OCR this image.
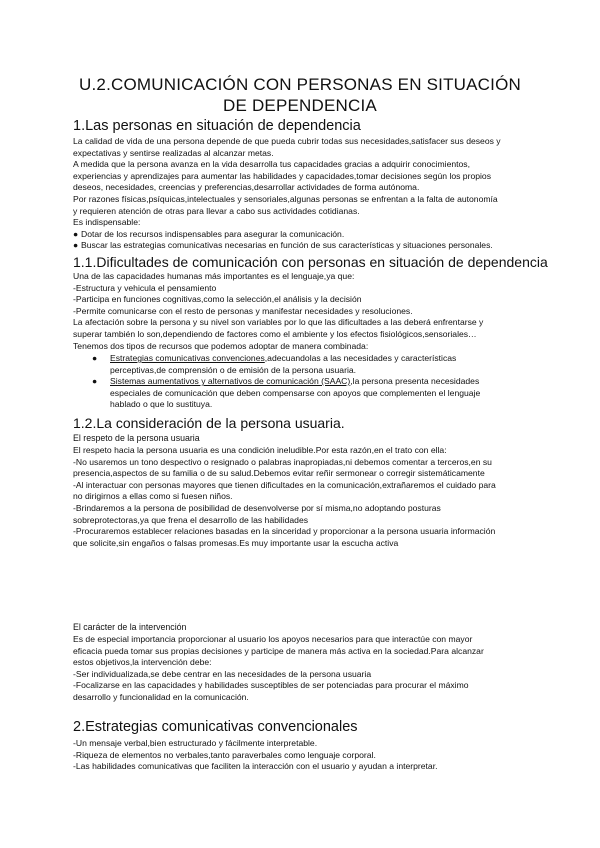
U.2.COMUNICACIÓN CON PERSONAS EN SITUACIÓN
DE DEPENDENCIA
1.Las personas en situación de dependencia

La calidad de vida de una persona depende de que pueda cubrir todas sus necesidades,satisfacer sus deseos y

expectativas y sentirse realizadas al alcanzar metas.

A medida que la persona avanza en la vida desarrolla tus capacidades gracias a adquirir conocimientos,

experiencias y aprendizajes para aumentar las habilidades y capacidades,tomar decisiones según los propios

deseos, necesidades, creencias y preferencias,desarrollar actividades de forma autónoma.

Por razones físicas,psíquicas,intelectuales y sensoriales,algunas personas se enfrentan a la falta de autonomía

y requieren atención de otras para llevar a cabo sus actividades cotidianas.

Es indispensable:

● Dotar de los recursos indispensables para asegurar la comunicación.
● Buscar las estrategias comunicativas necesarias en función de sus características y situaciones personales.
1.1.Dificultades de comunicación con personas en situación de dependencia

Una de las capacidades humanas más importantes es el lenguaje,ya que:

-Estructura y vehicula el pensamiento

-Participa en funciones cognitivas,como la selección,el análisis y la decisión

-Permite comunicarse con el resto de personas y manifestar necesidades y resoluciones.

La afectación sobre la persona y su nivel son variables por lo que las dificultades a las deberá enfrentarse y

superar también lo son,dependiendo de factores como el ambiente y los efectos fisiológicos,sensoriales…

Tenemos dos tipos de recursos que podemos adoptar de manera combinada:

● Estrategias comunicativas convenciones,adecuandolas a las necesidades y características
perceptivas,de comprensión o de emisión de la persona usuaria.
● Sistemas aumentativos y alternativos de comunicación (SAAC),la persona presenta necesidades
especiales de comunicación que deben compensarse con apoyos que complementen el lenguaje
hablado o que lo sustituya.
1.2.La consideración de la persona usuaria.

El respeto de la persona usuaria

El respeto hacia la persona usuaria es una condición ineludible.Por esta razón,en el trato con ella:

-No usaremos un tono despectivo o resignado o palabras inapropiadas,ni debemos comentar a terceros,en su

presencia,aspectos de su familia o de su salud.Debemos evitar reñir sermonear o corregir sistemáticamente

-Al interactuar con personas mayores que tienen dificultades en la comunicación,extrañaremos el cuidado para

no dirigirnos a ellas como si fuesen niños.

-Brindaremos a la persona de posibilidad de desenvolverse por sí misma,no adoptando posturas

sobreprotectoras,ya que frena el desarrollo de las habilidades

-Procuraremos establecer relaciones basadas en la sinceridad y proporcionar a la persona usuaria información

que solicite,sin engaños o falsas promesas.Es muy importante usar la escucha activa

El carácter de la intervención

Es de especial importancia proporcionar al usuario los apoyos necesarios para que interactúe con mayor

eficacia pueda tomar sus propias decisiones y participe de manera más activa en la sociedad.Para alcanzar

estos objetivos,la intervención debe:

-Ser individualizada,se debe centrar en las necesidades de la persona usuaria

-Focalizarse en las capacidades y habilidades susceptibles de ser potenciadas para procurar el máximo

desarrollo y funcionalidad en la comunicación.

2.Estrategias comunicativas convencionales

-Un mensaje verbal,bien estructurado y fácilmente interpretable.

-Riqueza de elementos no verbales,tanto paraverbales como lenguaje corporal.

-Las habilidades comunicativas que faciliten la interacción con el usuario y ayudan a interpretar.
